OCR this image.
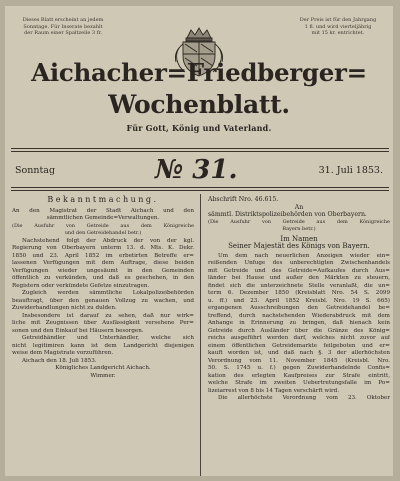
Dieses Blatt erscheint an jedem
Sonntage. Für Inserate bezahlt
der Raum einer Spaltzeile 3 fr.
Der Preis ist für den Jahrgang
1 fl. und wird vierteljährig
mit 15 kr. entrichtet.
Aichacher=Friedberger=
Wochenblatt.
Für Gott, König und Vaterland.
Sonntag	№ 31.	31. Juli 1853.

Bekanntmachung.

An den Magistrat der Stadt Aichach und den

sämmtlichen Gemeinde=Verwaltungen.

(Die Ausfuhr von Getreide aus dem Königreiche

und den Getreidehandel betr.)

Nachstehend folgt der Abdruck der von der kgl.

Regierung von Oberbayern unterm 13. d. Mts. K. Dekr.

1850 und 23. April 1852 im erbetirten Betreffe er=

lassenen Verfügungen mit dem Auftrage, diese beiden

Verfügungen wieder ungesäumt in den Gemeinden

öffentlich zu verkünden, und daß es geschehen, in den

Registern oder verkündete Gefetze einzutragen.

Zugleich werden sämmtliche Lokalpolizeibehörden

beauftragt, über den genauen Vollzug zu wachen, und

Zuwiderhandlungen nicht zu dulden.

Insbesondere ist darauf zu sehen, daß nur wirk=

liche mit Zeugnissen über Ausfässigkeit versehene Per=

sonen und den Einkauf bei Häusern besorgen.

Getreidhändler und Unterhändler, welche sich

nicht legitimiren kann ist dem Landgericht diejenigen

weise dem Magistrate vorzuführen.

Aichach den 18. Juli 1853.

Königliches Landgericht Aichach.

Wimmer.

Abschrift Nro. 46.615.

An

sämmtl. Distriktspolizeibehörden von Oberbayern.

(Die Ausfuhr von Getreide aus dem Königreiche

Bayern betr.)

Im Namen

Seiner Majestät des Königs von Bayern.

Um dem nach neuerlichen Anzeigen wieder ein=

reißenden Unfuge des unberechtigten Zwischenhandels

mit Getreide und des Getreide=Aufkaufes durch Aus=

länder bei Hause und außer den Märkten zu steuern,

findet sich die unterzeichnete Stelle veranlaßt, die un=

term 6. Dezember 1850 (Kreisblatt Nro. 54 S. 2099

u. ff.) und 23. April 1852 Kreisbl. Nro. 19 S. 665)

ergangenen Ausschreibungen den Getreidehandel be=

treffend, durch nachstehenden Wiederabdruck mit dem

Anhange in Erinnerung zu bringen, daß hienach kein

Getreide durch Ausländer über die Gränze des König=

reichs ausgeführt werden darf, welches nicht zuvor auf

einem öffentlichen Getreidemarkte feilgeboten und er=

kauft worden ist, und daß nach §. 3 der allerhöchsten

Verordnung vom 11. November 1845 (Kreisbl. Nro.

50. S. 1745 u. f.) gegen Zuwiderhandelnde Confis=

kation des erlegten Kaufpreises zur Strafe eintritt,

welche Strafe im zweiten Uebertretungsfalle im Po=

lizeiarrest von 8 bis 14 Tagen verschärft wird.

Die allerhöchste Verordnung vom 23. Oktober
